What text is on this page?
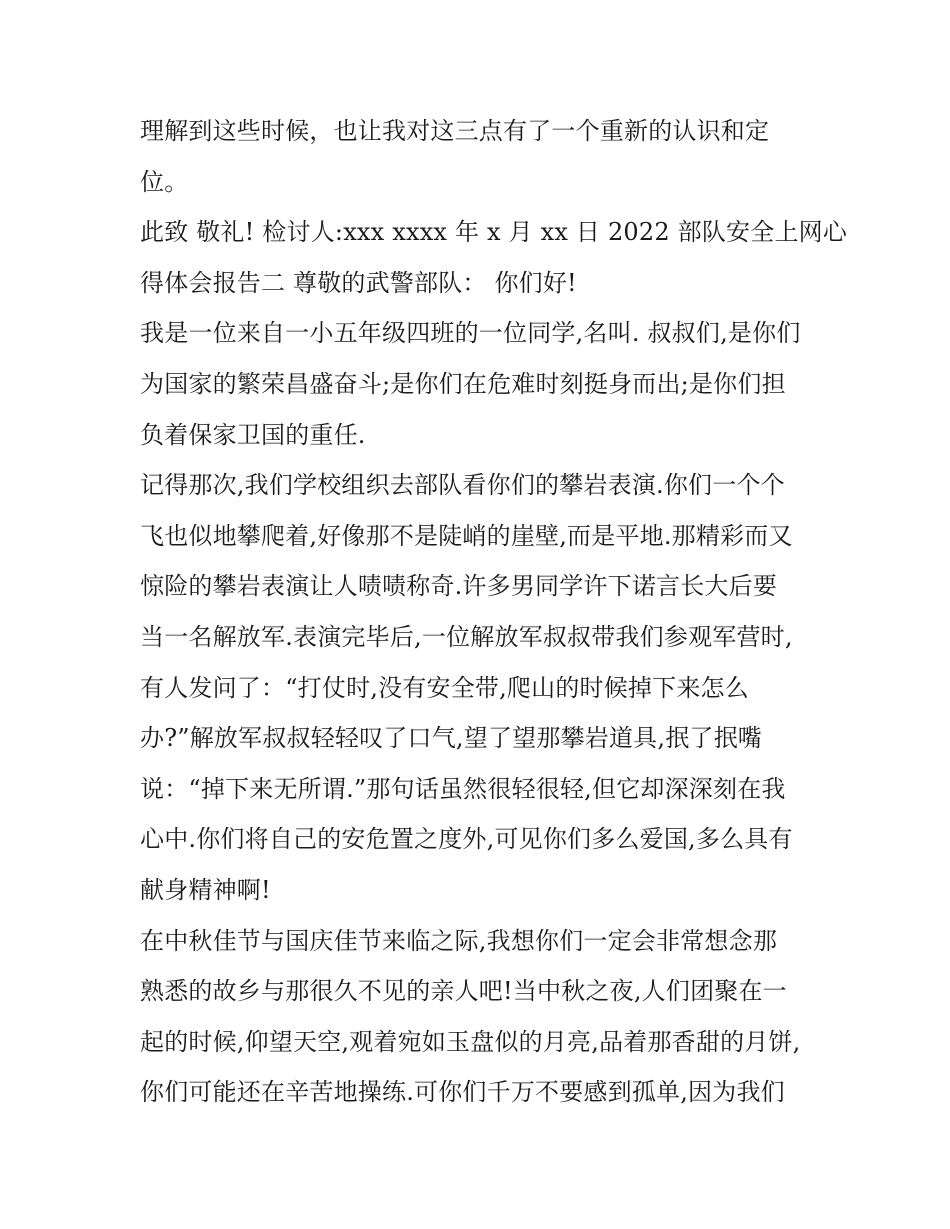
理解到这些时候，也让我对这三点有了一个重新的认识和定
位。
此致 敬礼! 检讨人:xxx xxxx 年 x 月 xx 日 2022 部队安全上网心
得体会报告二 尊敬的武警部队： 你们好!
我是一位来自一小五年级四班的一位同学,名叫. 叔叔们,是你们
为国家的繁荣昌盛奋斗;是你们在危难时刻挺身而出;是你们担
负着保家卫国的重任.
记得那次,我们学校组织去部队看你们的攀岩表演.你们一个个
飞也似地攀爬着,好像那不是陡峭的崖壁,而是平地.那精彩而又
惊险的攀岩表演让人啧啧称奇.许多男同学许下诺言长大后要
当一名解放军.表演完毕后,一位解放军叔叔带我们参观军营时,
有人发问了：“打仗时,没有安全带,爬山的时候掉下来怎么
办?”解放军叔叔轻轻叹了口气,望了望那攀岩道具,抿了抿嘴
说：“掉下来无所谓.”那句话虽然很轻很轻,但它却深深刻在我
心中.你们将自己的安危置之度外,可见你们多么爱国,多么具有
献身精神啊!
在中秋佳节与国庆佳节来临之际,我想你们一定会非常想念那
熟悉的故乡与那很久不见的亲人吧!当中秋之夜,人们团聚在一
起的时候,仰望天空,观着宛如玉盘似的月亮,品着那香甜的月饼,
你们可能还在辛苦地操练.可你们千万不要感到孤单,因为我们
